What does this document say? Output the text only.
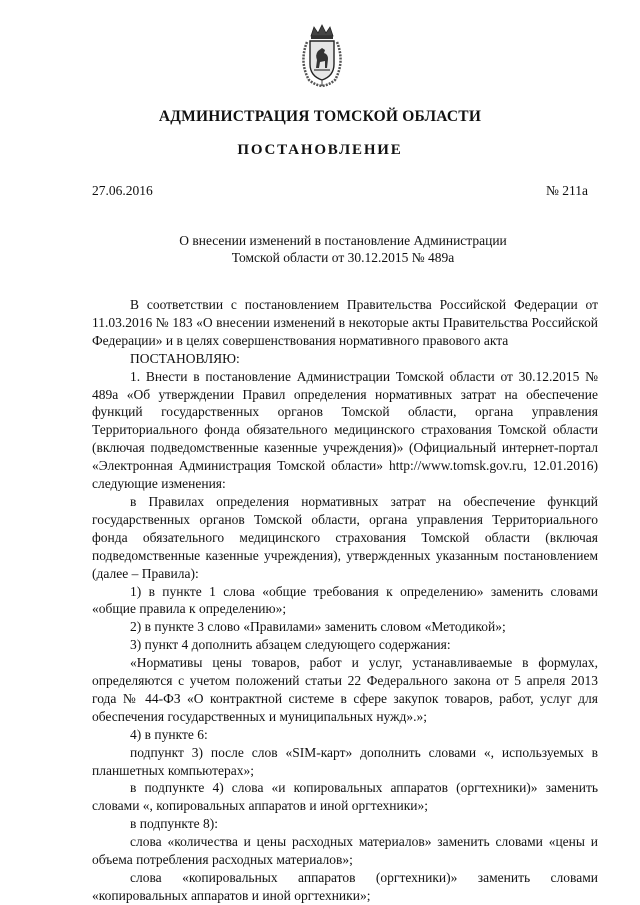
АДМИНИСТРАЦИЯ ТОМСКОЙ ОБЛАСТИ
ПОСТАНОВЛЕНИЕ
27.06.2016	№ 211а
О внесении изменений в постановление Администрации
Томской области от 30.12.2015 № 489а

В соответствии с постановлением Правительства Российской Федерации от 11.03.2016 № 183 «О внесении изменений в некоторые акты Правительства Российской Федерации» и в целях совершенствования нормативного правового акта

ПОСТАНОВЛЯЮ:

1. Внести в постановление Администрации Томской области от 30.12.2015 № 489а «Об утверждении Правил определения нормативных затрат на обеспечение функций государственных органов Томской области, органа управления Территориального фонда обязательного медицинского страхования Томской области (включая подведомственные казенные учреждения)» (Официальный интернет-портал «Электронная Администрация Томской области» http://www.tomsk.gov.ru, 12.01.2016) следующие изменения:

в Правилах определения нормативных затрат на обеспечение функций государственных органов Томской области, органа управления Территориального фонда обязательного медицинского страхования Томской области (включая подведомственные казенные учреждения), утвержденных указанным постановлением (далее – Правила):

1) в пункте 1 слова «общие требования к определению» заменить словами «общие правила к определению»;

2) в пункте 3 слово «Правилами» заменить словом «Методикой»;

3) пункт 4 дополнить абзацем следующего содержания:

«Нормативы цены товаров, работ и услуг, устанавливаемые в формулах, определяются с учетом положений статьи 22 Федерального закона от 5 апреля 2013 года № 44-ФЗ «О контрактной системе в сфере закупок товаров, работ, услуг для обеспечения государственных и муниципальных нужд».»;

4) в пункте 6:

подпункт 3) после слов «SIM-карт» дополнить словами «, используемых в планшетных компьютерах»;

в подпункте 4) слова «и копировальных аппаратов (оргтехники)» заменить словами «, копировальных аппаратов и иной оргтехники»;

в подпункте 8):

слова «количества и цены расходных материалов» заменить словами «цены и объема потребления расходных материалов»;

слова «копировальных аппаратов (оргтехники)» заменить словами «копировальных аппаратов и иной оргтехники»;
